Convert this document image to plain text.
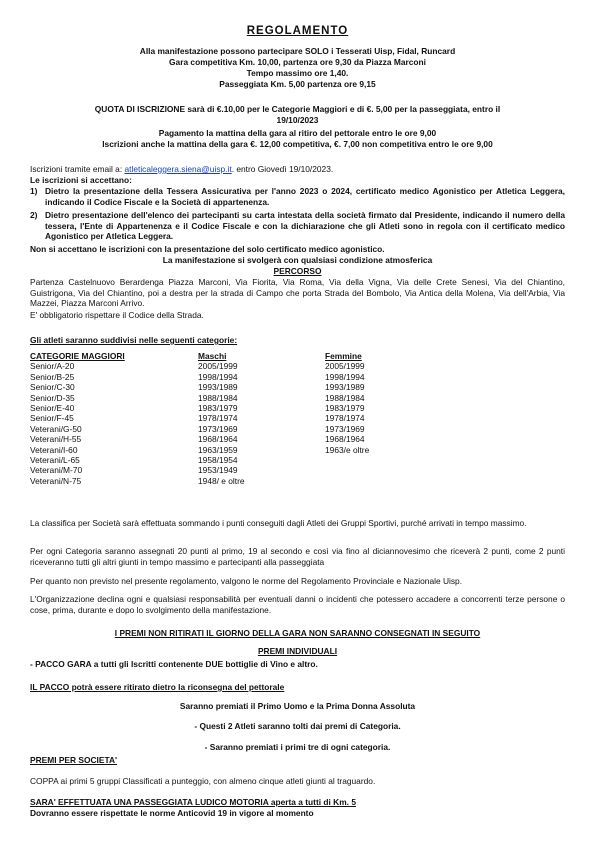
REGOLAMENTO
Alla manifestazione possono partecipare SOLO i Tesserati Uisp, Fidal, Runcard
Gara competitiva Km. 10,00, partenza ore 9,30 da Piazza Marconi
Tempo massimo ore 1,40.
Passeggiata Km. 5,00 partenza ore 9,15
QUOTA DI ISCRIZIONE sarà di €.10,00 per le Categorie Maggiori e di €. 5,00 per la passeggiata, entro il
19/10/2023
Pagamento la mattina della gara al ritiro del pettorale entro le ore 9,00
Iscrizioni anche la mattina della gara €. 12,00 competitiva, €. 7,00 non competitiva entro le ore 9,00
Iscrizioni tramite email a: atleticaleggera.siena@uisp.it. entro Giovedì 19/10/2023.
Le iscrizioni si accettano:
1) Dietro la presentazione della Tessera Assicurativa per l'anno 2023 o 2024, certificato medico Agonistico per Atletica Leggera, indicando il Codice Fiscale e la Società di appartenenza.
2) Dietro presentazione dell'elenco dei partecipanti su carta intestata della società firmato dal Presidente, indicando il numero della tessera, l'Ente di Appartenenza e il Codice Fiscale e con la dichiarazione che gli Atleti sono in regola con il certificato medico Agonistico per Atletica Leggera.
Non si accettano le iscrizioni con la presentazione del solo certificato medico agonistico.
La manifestazione si svolgerà con qualsiasi condizione atmosferica
PERCORSO
Partenza Castelnuovo Berardenga Piazza Marconi, Via Fiorita, Via Roma, Via della Vigna, Via delle Crete Senesi, Via del Chiantino, Guistrigona, Via del Chiantino, poi a destra per la strada di Campo che porta Strada del Bombolo, Via Antica della Molena, Via dell'Arbia, Via Mazzei, Piazza Marconi Arrivo.
E' obbligatorio rispettare il Codice della Strada.
Gli atleti saranno suddivisi nelle seguenti categorie:
CATEGORIE MAGGIORI	Maschi	Femmine
Senior/A-20	2005/1999	2005/1999
Senior/B-25	1998/1994	1998/1994
Senior/C-30	1993/1989	1993/1989
Senior/D-35	1988/1984	1988/1984
Senior/E-40	1983/1979	1983/1979
Senior/F-45	1978/1974	1978/1974
Veterani/G-50	1973/1969	1973/1969
Veterani/H-55	1968/1964	1968/1964
Veterani/I-60	1963/1959	1963/e oltre
Veterani/L-65	1958/1954
Veterani/M-70	1953/1949
Veterani/N-75	1948/ e oltre
La classifica per Società sarà effettuata sommando i punti conseguiti dagli Atleti dei Gruppi Sportivi, purché arrivati in tempo massimo.
Per ogni Categoria saranno assegnati 20 punti al primo, 19 al secondo e così via fino al diciannovesimo che riceverà 2 punti, come 2 punti riceveranno tutti gli altri giunti in tempo massimo e partecipanti alla passeggiata
Per quanto non previsto nel presente regolamento, valgono le norme del Regolamento Provinciale e Nazionale Uisp.
L'Organizzazione declina ogni e qualsiasi responsabilità per eventuali danni o incidenti che potessero accadere a concorrenti terze persone o cose, prima, durante e dopo lo svolgimento della manifestazione.
I PREMI NON RITIRATI IL GIORNO DELLA GARA NON SARANNO CONSEGNATI IN SEGUITO
PREMI INDIVIDUALI
- PACCO GARA a tutti gli Iscritti contenente DUE bottiglie di Vino e altro.
IL PACCO potrà essere ritirato dietro la riconsegna del pettorale
Saranno premiati il Primo Uomo e la Prima Donna Assoluta
- Questi 2 Atleti saranno tolti dai premi di Categoria.
- Saranno premiati i primi tre di ogni categoria.
PREMI PER SOCIETA'
COPPA ai primi 5 gruppi Classificati a punteggio, con almeno cinque atleti giunti al traguardo.
SARA' EFFETTUATA UNA PASSEGGIATA LUDICO MOTORIA aperta a tutti di Km. 5
Dovranno essere rispettate le norme Anticovid 19 in vigore al momento
